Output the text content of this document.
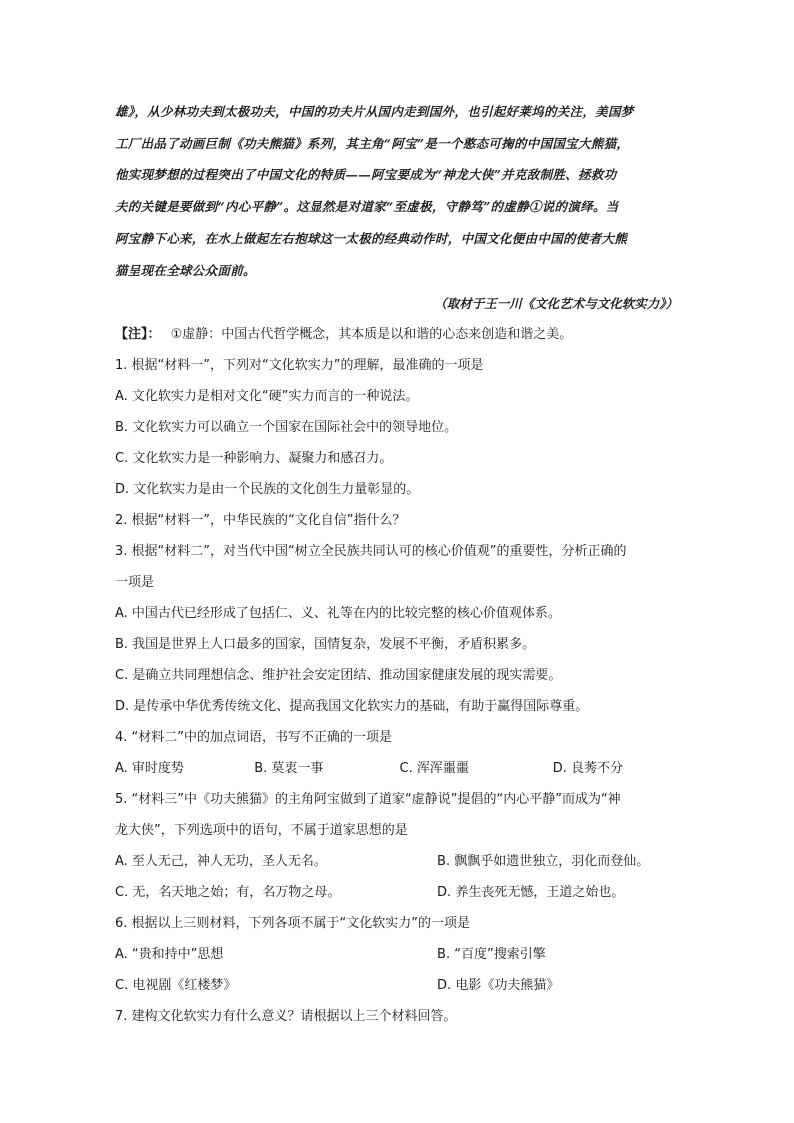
雄》，从少林功夫到太极功夫，中国的功夫片从国内走到国外，也引起好莱坞的关注，美国梦

工厂出品了动画巨制《功夫熊猫》系列，其主角“阿宝”是一个憨态可掬的中国国宝大熊猫，

他实现梦想的过程突出了中国文化的特质——阿宝要成为“神龙大侠”并克敌制胜、拯救功

夫的关键是要做到“内心平静”。这显然是对道家“至虚极，守静笃”的虚静①说的演绎。当

阿宝静下心来，在水上做起左右抱球这一太极的经典动作时，中国文化便由中国的使者大熊

猫呈现在全球公众面前。

（取材于王一川《文化艺术与文化软实力》）
【注】： ①虚静：中国古代哲学概念，其本质是以和谐的心态来创造和谐之美。
1. 根据“材料一”，下列对“文化软实力”的理解，最准确的一项是
A. 文化软实力是相对文化“硬”实力而言的一种说法。
B. 文化软实力可以确立一个国家在国际社会中的领导地位。
C. 文化软实力是一种影响力、凝聚力和感召力。
D. 文化软实力是由一个民族的文化创生力量彰显的。
2. 根据“材料一”，中华民族的“文化自信”指什么？
3. 根据“材料二”，对当代中国“树立全民族共同认可的核心价值观”的重要性，分析正确的
一项是
A. 中国古代已经形成了包括仁、义、礼等在内的比较完整的核心价值观体系。
B. 我国是世界上人口最多的国家，国情复杂，发展不平衡，矛盾积累多。
C. 是确立共同理想信念、维护社会安定团结、推动国家健康发展的现实需要。
D. 是传承中华优秀传统文化、提高我国文化软实力的基础，有助于赢得国际尊重。
4. “材料二”中的加点词语，书写不正确的一项是
A. 审时度势	B. 莫衷一事	C. 浑浑噩噩	D. 良莠不分
5. “材料三”中《功夫熊猫》的主角阿宝做到了道家“虚静说”提倡的“内心平静”而成为“神
龙大侠”，下列选项中的语句，不属于道家思想的是
A. 至人无己，神人无功，圣人无名。	B. 飘飘乎如遗世独立，羽化而登仙。
C. 无，名天地之始；有，名万物之母。	D. 养生丧死无憾，王道之始也。
6. 根据以上三则材料，下列各项不属于“文化软实力”的一项是
A. “贵和持中”思想	B. “百度”搜索引擎
C. 电视剧《红楼梦》	D. 电影《功夫熊猫》
7. 建构文化软实力有什么意义？请根据以上三个材料回答。
